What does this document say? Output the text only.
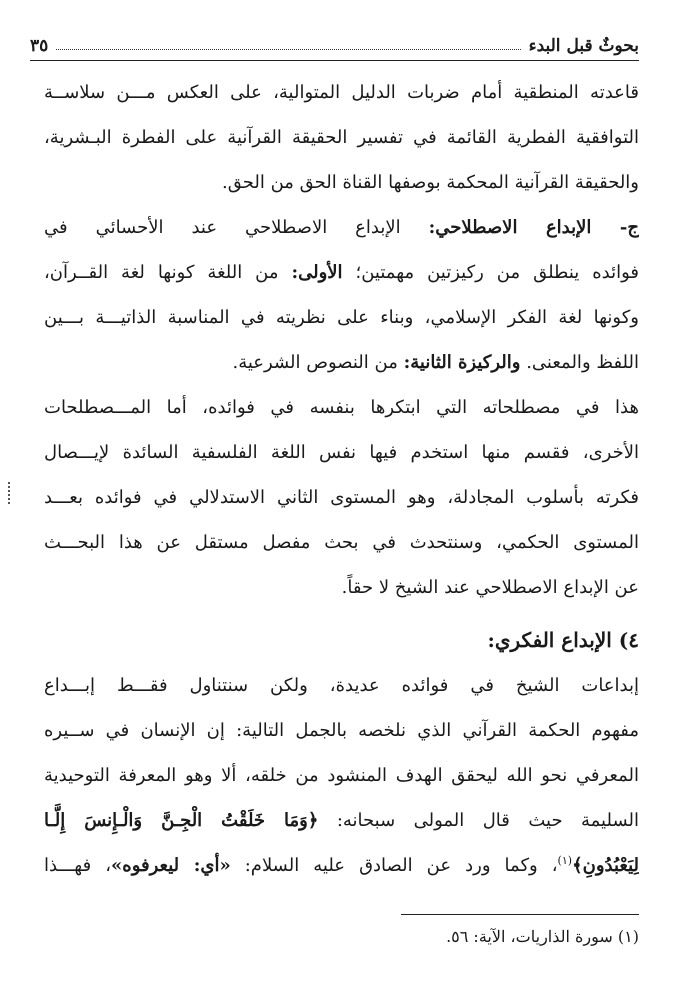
بحوثٌ قبل البدء
٣٥
قاعدته المنطقية أمام ضربات الدليل المتوالية، على العكس مـــن سلاســة
التوافقية الفطرية القائمة في تفسير الحقيقة القرآنية على الفطرة البـشرية،
والحقيقة القرآنية المحكمة بوصفها القناة الحق من الحق.
ج- الإبداع الاصطلاحي: الإبداع الاصطلاحي عند الأحسائي في
فوائده ينطلق من ركيزتين مهمتين؛ الأولى: من اللغة كونها لغة القــرآن،
وكونها لغة الفكر الإسلامي، وبناء على نظريته في المناسبة الذاتيـــة بـــين
اللفظ والمعنى. والركيزة الثانية: من النصوص الشرعية.
هذا في مصطلحاته التي ابتكرها بنفسه في فوائده، أما المـــصطلحات
الأخرى، فقسم منها استخدم فيها نفس اللغة الفلسفية السائدة لإيـــصال
فكرته بأسلوب المجادلة، وهو المستوى الثاني الاستدلالي في فوائده بعـــد
المستوى الحكمي، وسنتحدث في بحث مفصل مستقل عن هذا البحـــث
عن الإبداع الاصطلاحي عند الشيخ لا حقاً.
٤) الإبداع الفكري:
إبداعات الشيخ في فوائده عديدة، ولكن سنتناول فقـــط إبـــداع
مفهوم الحكمة القرآني الذي نلخصه بالجمل التالية: إن الإنسان في ســيره
المعرفي نحو الله ليحقق الهدف المنشود من خلقه، ألا وهو المعرفة التوحيدية
السليمة حيث قال المولى سبحانه: ﴿وَمَا خَلَقْتُ الْجِـنَّ وَالْـإِنسَ إِلَّـا
لِيَعْبُدُونِ﴾$^{(١)}$، وكما ورد عن الصادق عليه السلام: «أي: ليعرفوه»، فهـــذا
(١) سورة الذاريات، الآية: ٥٦.
